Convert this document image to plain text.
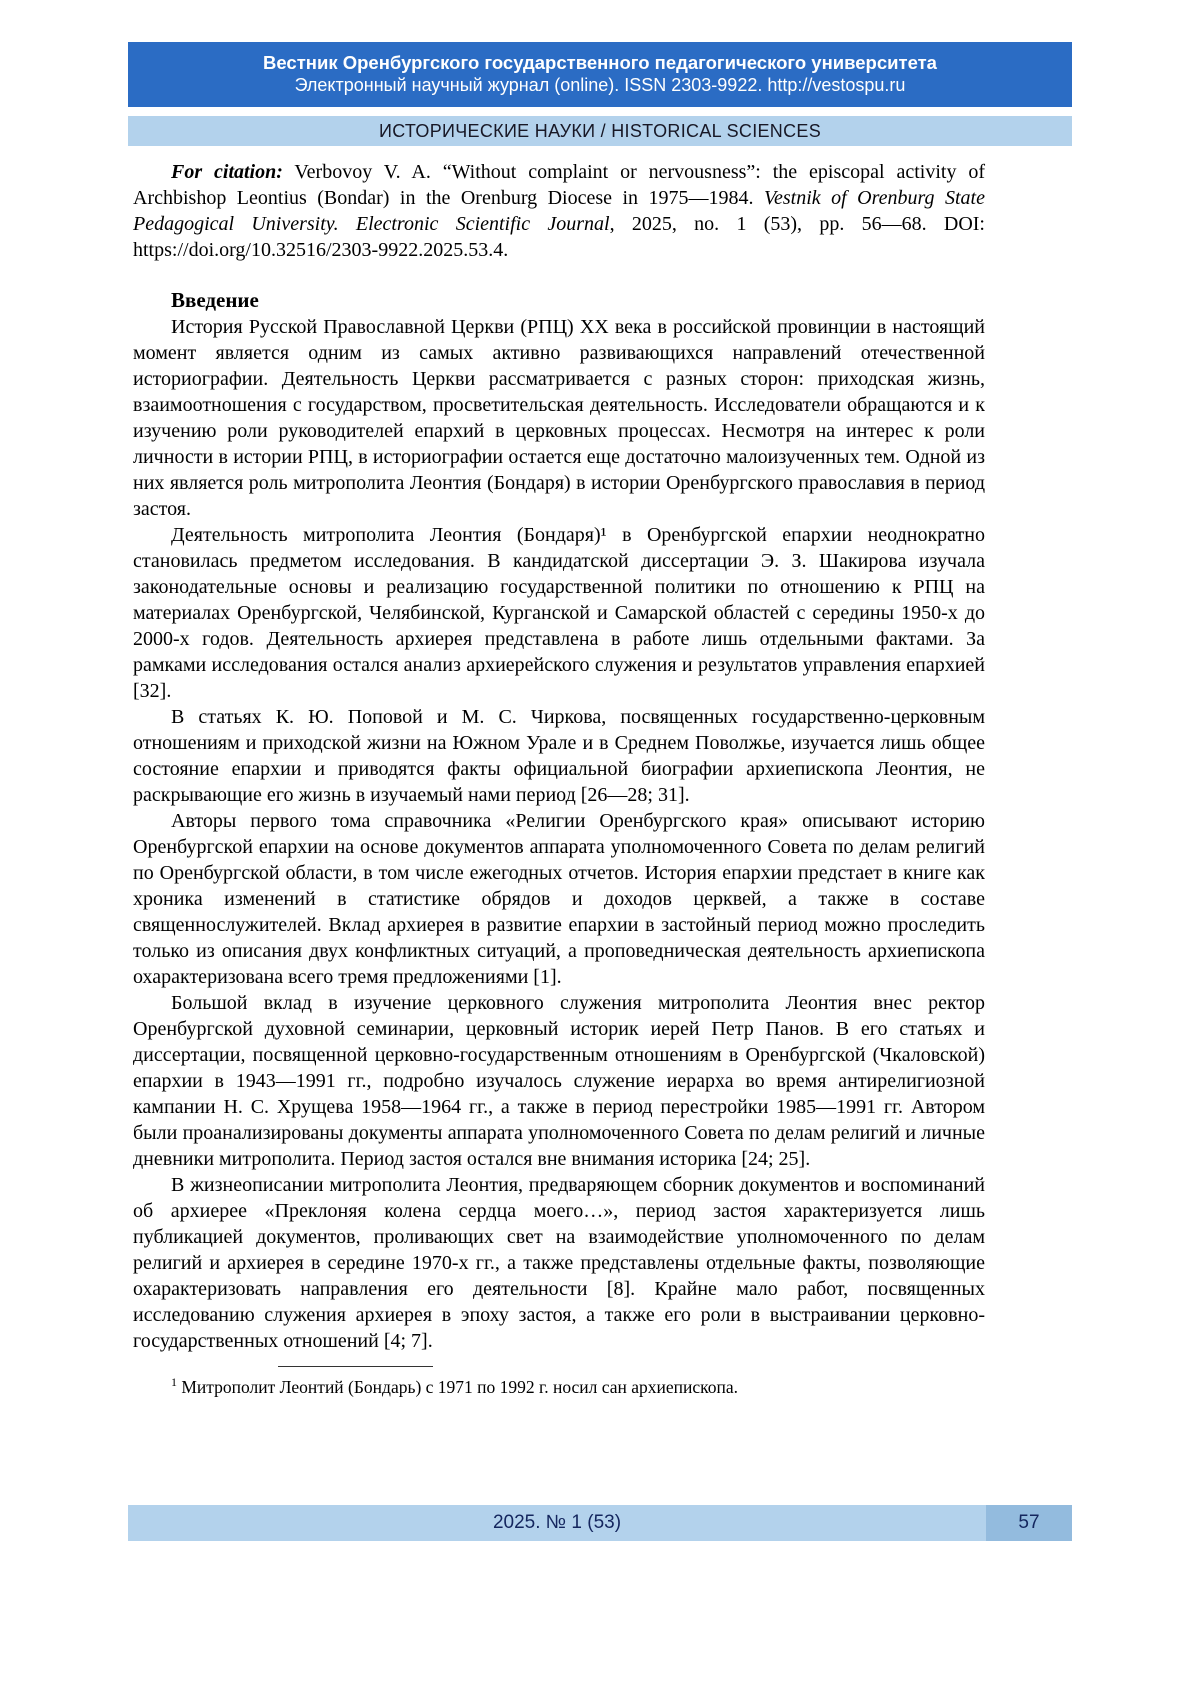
Вестник Оренбургского государственного педагогического университета
Электронный научный журнал (online). ISSN 2303-9922. http://vestospu.ru
ИСТОРИЧЕСКИЕ НАУКИ / HISTORICAL SCIENCES

For citation: Verbovoy V. A. “Without complaint or nervousness”: the episcopal activity of Archbishop Leontius (Bondar) in the Orenburg Diocese in 1975—1984. Vestnik of Orenburg State Pedagogical University. Electronic Scientific Journal, 2025, no. 1 (53), pp. 56—68. DOI: https://doi.org/10.32516/2303-9922.2025.53.4.

Введение

История Русской Православной Церкви (РПЦ) XX века в российской провинции в настоящий момент является одним из самых активно развивающихся направлений отечественной историографии. Деятельность Церкви рассматривается с разных сторон: приходская жизнь, взаимоотношения с государством, просветительская деятельность. Исследователи обращаются и к изучению роли руководителей епархий в церковных процессах. Несмотря на интерес к роли личности в истории РПЦ, в историографии остается еще достаточно малоизученных тем. Одной из них является роль митрополита Леонтия (Бондаря) в истории Оренбургского православия в период застоя.

Деятельность митрополита Леонтия (Бондаря)¹ в Оренбургской епархии неоднократно становилась предметом исследования. В кандидатской диссертации Э. З. Шакирова изучала законодательные основы и реализацию государственной политики по отношению к РПЦ на материалах Оренбургской, Челябинской, Курганской и Самарской областей с середины 1950-х до 2000-х годов. Деятельность архиерея представлена в работе лишь отдельными фактами. За рамками исследования остался анализ архиерейского служения и результатов управления епархией [32].

В статьях К. Ю. Поповой и М. С. Чиркова, посвященных государственно-церковным отношениям и приходской жизни на Южном Урале и в Среднем Поволжье, изучается лишь общее состояние епархии и приводятся факты официальной биографии архиепископа Леонтия, не раскрывающие его жизнь в изучаемый нами период [26—28; 31].

Авторы первого тома справочника «Религии Оренбургского края» описывают историю Оренбургской епархии на основе документов аппарата уполномоченного Совета по делам религий по Оренбургской области, в том числе ежегодных отчетов. История епархии предстает в книге как хроника изменений в статистике обрядов и доходов церквей, а также в составе священнослужителей. Вклад архиерея в развитие епархии в застойный период можно проследить только из описания двух конфликтных ситуаций, а проповедническая деятельность архиепископа охарактеризована всего тремя предложениями [1].

Большой вклад в изучение церковного служения митрополита Леонтия внес ректор Оренбургской духовной семинарии, церковный историк иерей Петр Панов. В его статьях и диссертации, посвященной церковно-государственным отношениям в Оренбургской (Чкаловской) епархии в 1943—1991 гг., подробно изучалось служение иерарха во время антирелигиозной кампании Н. С. Хрущева 1958—1964 гг., а также в период перестройки 1985—1991 гг. Автором были проанализированы документы аппарата уполномоченного Совета по делам религий и личные дневники митрополита. Период застоя остался вне внимания историка [24; 25].

В жизнеописании митрополита Леонтия, предваряющем сборник документов и воспоминаний об архиерее «Преклоняя колена сердца моего…», период застоя характеризуется лишь публикацией документов, проливающих свет на взаимодействие уполномоченного по делам религий и архиерея в середине 1970-х гг., а также представлены отдельные факты, позволяющие охарактеризовать направления его деятельности [8]. Крайне мало работ, посвященных исследованию служения архиерея в эпоху застоя, а также его роли в выстраивании церковно-государственных отношений [4; 7].

$^1$ Митрополит Леонтий (Бондарь) с 1971 по 1992 г. носил сан архиепископа.

2025. № 1 (53)	57
